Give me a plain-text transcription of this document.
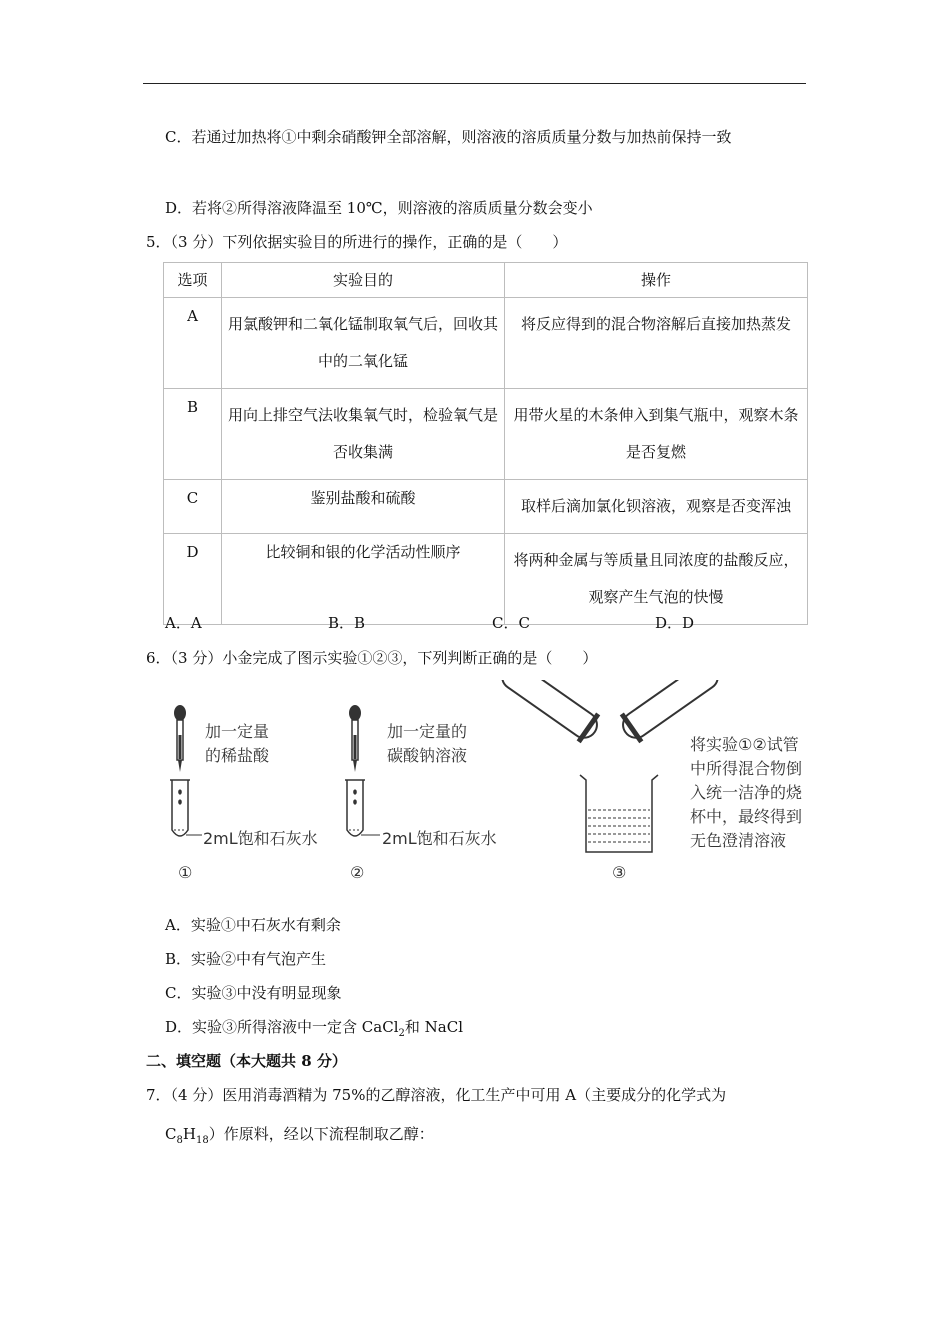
C．若通过加热将①中剩余硝酸钾全部溶解，则溶液的溶质质量分数与加热前保持一致
D．若将②所得溶液降温至 10℃，则溶液的溶质质量分数会变小
5．（3 分）下列依据实验目的所进行的操作，正确的是（　　）
选项	实验目的	操作
A	用氯酸钾和二氧化锰制取氧气后，回收其中的二氧化锰	将反应得到的混合物溶解后直接加热蒸发
B	用向上排空气法收集氧气时，检验氧气是否收集满	用带火星的木条伸入到集气瓶中，观察木条是否复燃
C	鉴别盐酸和硫酸	取样后滴加氯化钡溶液，观察是否变浑浊
D	比较铜和银的化学活动性顺序	将两种金属与等质量且同浓度的盐酸反应，观察产生气泡的快慢
A．A	B．B	C．C	D．D
6．（3 分）小金完成了图示实验①②③，下列判断正确的是（　　）
加一定量
的稀盐酸
2mL饱和石灰水
①
加一定量的
碳酸钠溶液
2mL饱和石灰水
②
将实验①②试管
中所得混合物倒
入统一洁净的烧
杯中，最终得到
无色澄清溶液
③
A．实验①中石灰水有剩余
B．实验②中有气泡产生
C．实验③中没有明显现象
D．实验③所得溶液中一定含 CaCl$_2$和 NaCl
二、填空题（本大题共 8 分）
7．（4 分）医用消毒酒精为 75%的乙醇溶液，化工生产中可用 A（主要成分的化学式为
$C_8H_{18}$）作原料，经以下流程制取乙醇：
